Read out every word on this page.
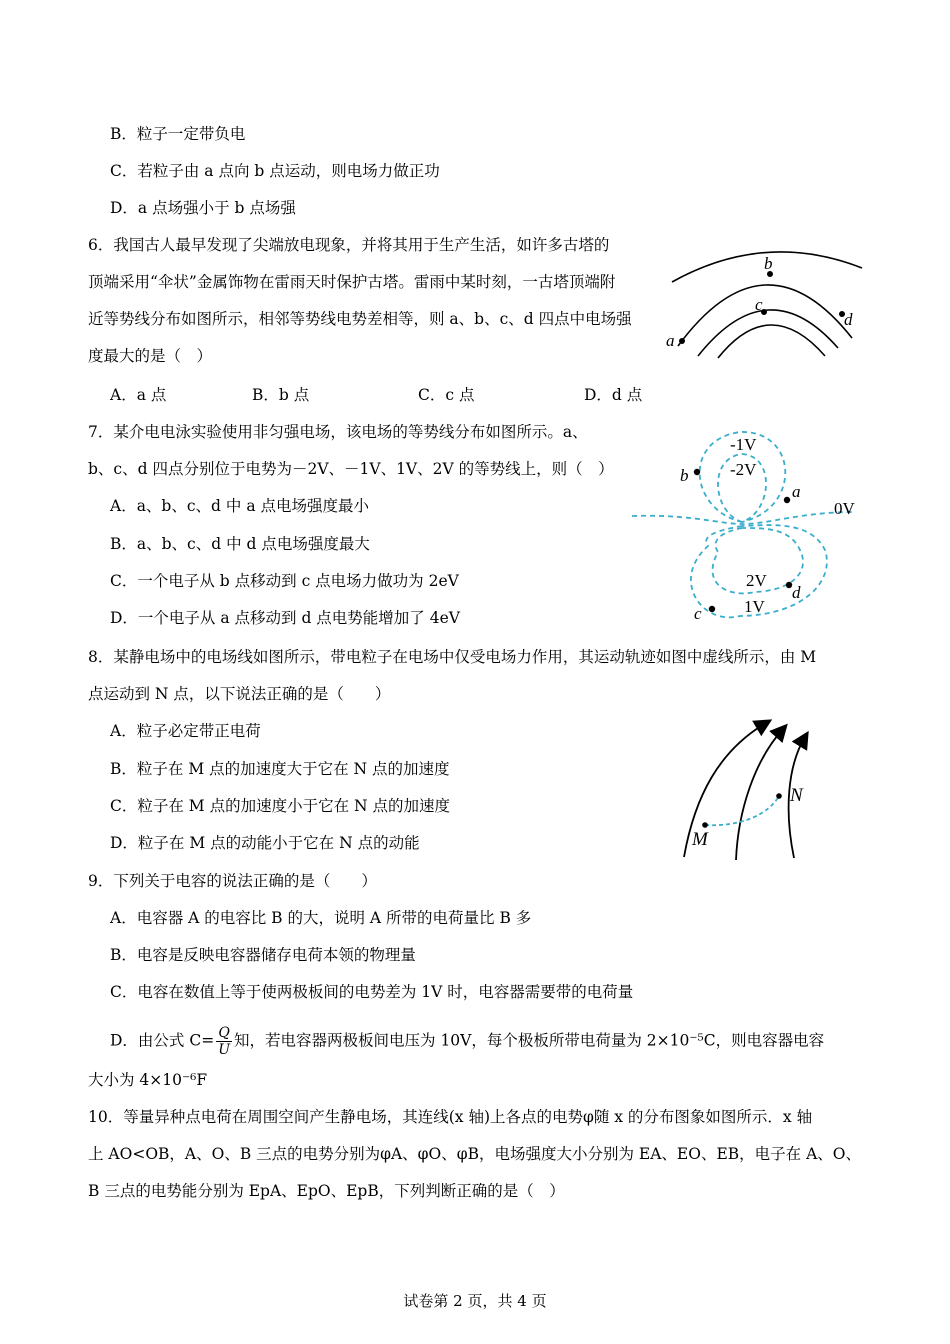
B．粒子一定带负电
C．若粒子由 a 点向 b 点运动，则电场力做正功
D．a 点场强小于 b 点场强
6．我国古人最早发现了尖端放电现象，并将其用于生产生活，如许多古塔的
顶端采用“伞状”金属饰物在雷雨天时保护古塔。雷雨中某时刻，一古塔顶端附
近等势线分布如图所示，相邻等势线电势差相等，则 a、b、c、d 四点中电场强
度最大的是（　）
A．a 点	B．b 点	C．c 点	D．d 点
b
c
d
a
7．某介电电泳实验使用非匀强电场，该电场的等势线分布如图所示。a、
b、c、d 四点分别位于电势为－2V、－1V、1V、2V 的等势线上，则（　）
A．a、b、c、d 中 a 点电场强度最小
B．a、b、c、d 中 d 点电场强度最大
C．一个电子从 b 点移动到 c 点电场力做功为 2eV
D．一个电子从 a 点移动到 d 点电势能增加了 4eV
-1V
-2V
0V
2V
1V
b
a
d
c
8．某静电场中的电场线如图所示，带电粒子在电场中仅受电场力作用，其运动轨迹如图中虚线所示，由 M
点运动到 N 点，以下说法正确的是（　　）
A．粒子必定带正电荷
B．粒子在 M 点的加速度大于它在 N 点的加速度
C．粒子在 M 点的加速度小于它在 N 点的加速度
D．粒子在 M 点的动能小于它在 N 点的动能	M
N
9．下列关于电容的说法正确的是（　　）
A．电容器 A 的电容比 B 的大，说明 A 所带的电荷量比 B 多
B．电容是反映电容器储存电荷本领的物理量
C．电容在数值上等于使两极板间的电势差为 1V 时，电容器需要带的电荷量
D．由公式 $C= \frac{Q}{U}$ 知，若电容器两极板间电压为 10V，每个极板所带电荷量为 2×10⁻⁵C，则电容器电容
大小为 4×10⁻⁶F
10．等量异种点电荷在周围空间产生静电场，其连线(x 轴)上各点的电势φ随 x 的分布图象如图所示．x 轴
上 AO<OB，A、O、B 三点的电势分别为φA、φO、φB，电场强度大小分别为 EA、EO、EB，电子在 A、O、
B 三点的电势能分别为 EpA、EpO、EpB，下列判断正确的是（　）
试卷第 2 页，共 4 页
